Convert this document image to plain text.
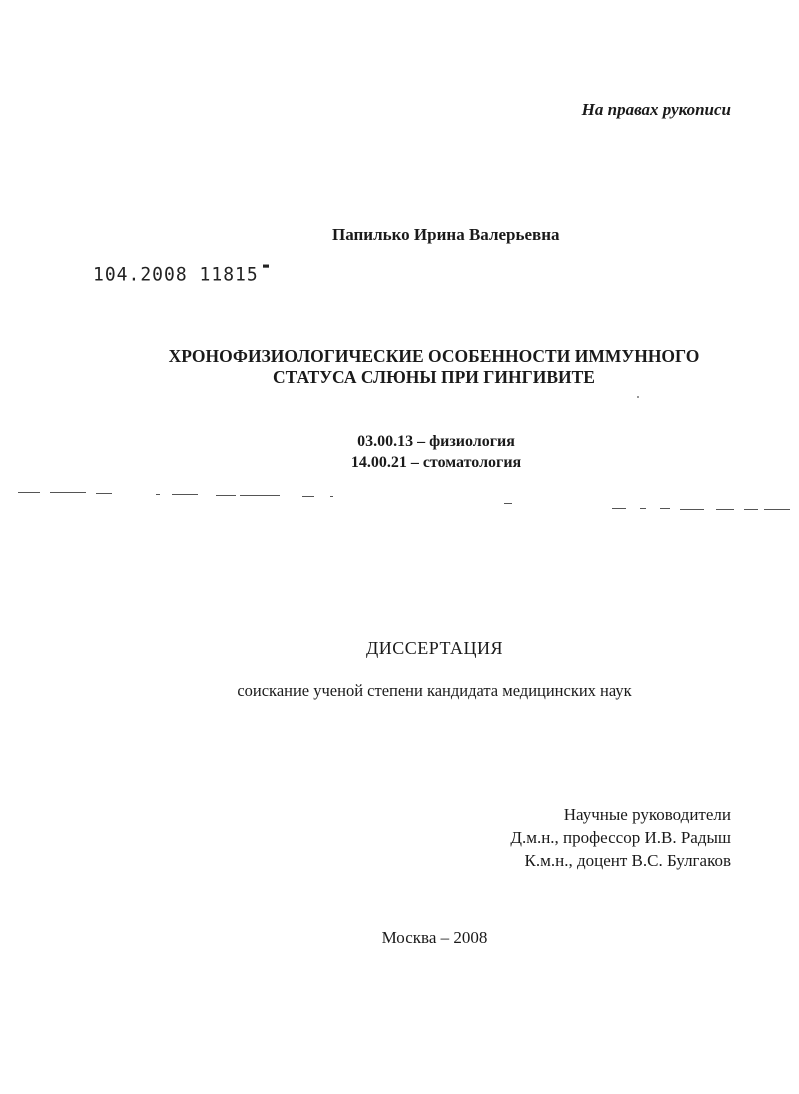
На правах рукописи
Папилько Ирина Валерьевна
104.2008 11815
ХРОНОФИЗИОЛОГИЧЕСКИЕ ОСОБЕННОСТИ ИММУННОГО
СТАТУСА СЛЮНЫ ПРИ ГИНГИВИТЕ
03.00.13 – физиология
14.00.21 – стоматология
ДИССЕРТАЦИЯ
соискание ученой степени кандидата медицинских наук
Научные руководители
Д.м.н., профессор И.В. Радыш
К.м.н., доцент В.С. Булгаков
Москва – 2008
